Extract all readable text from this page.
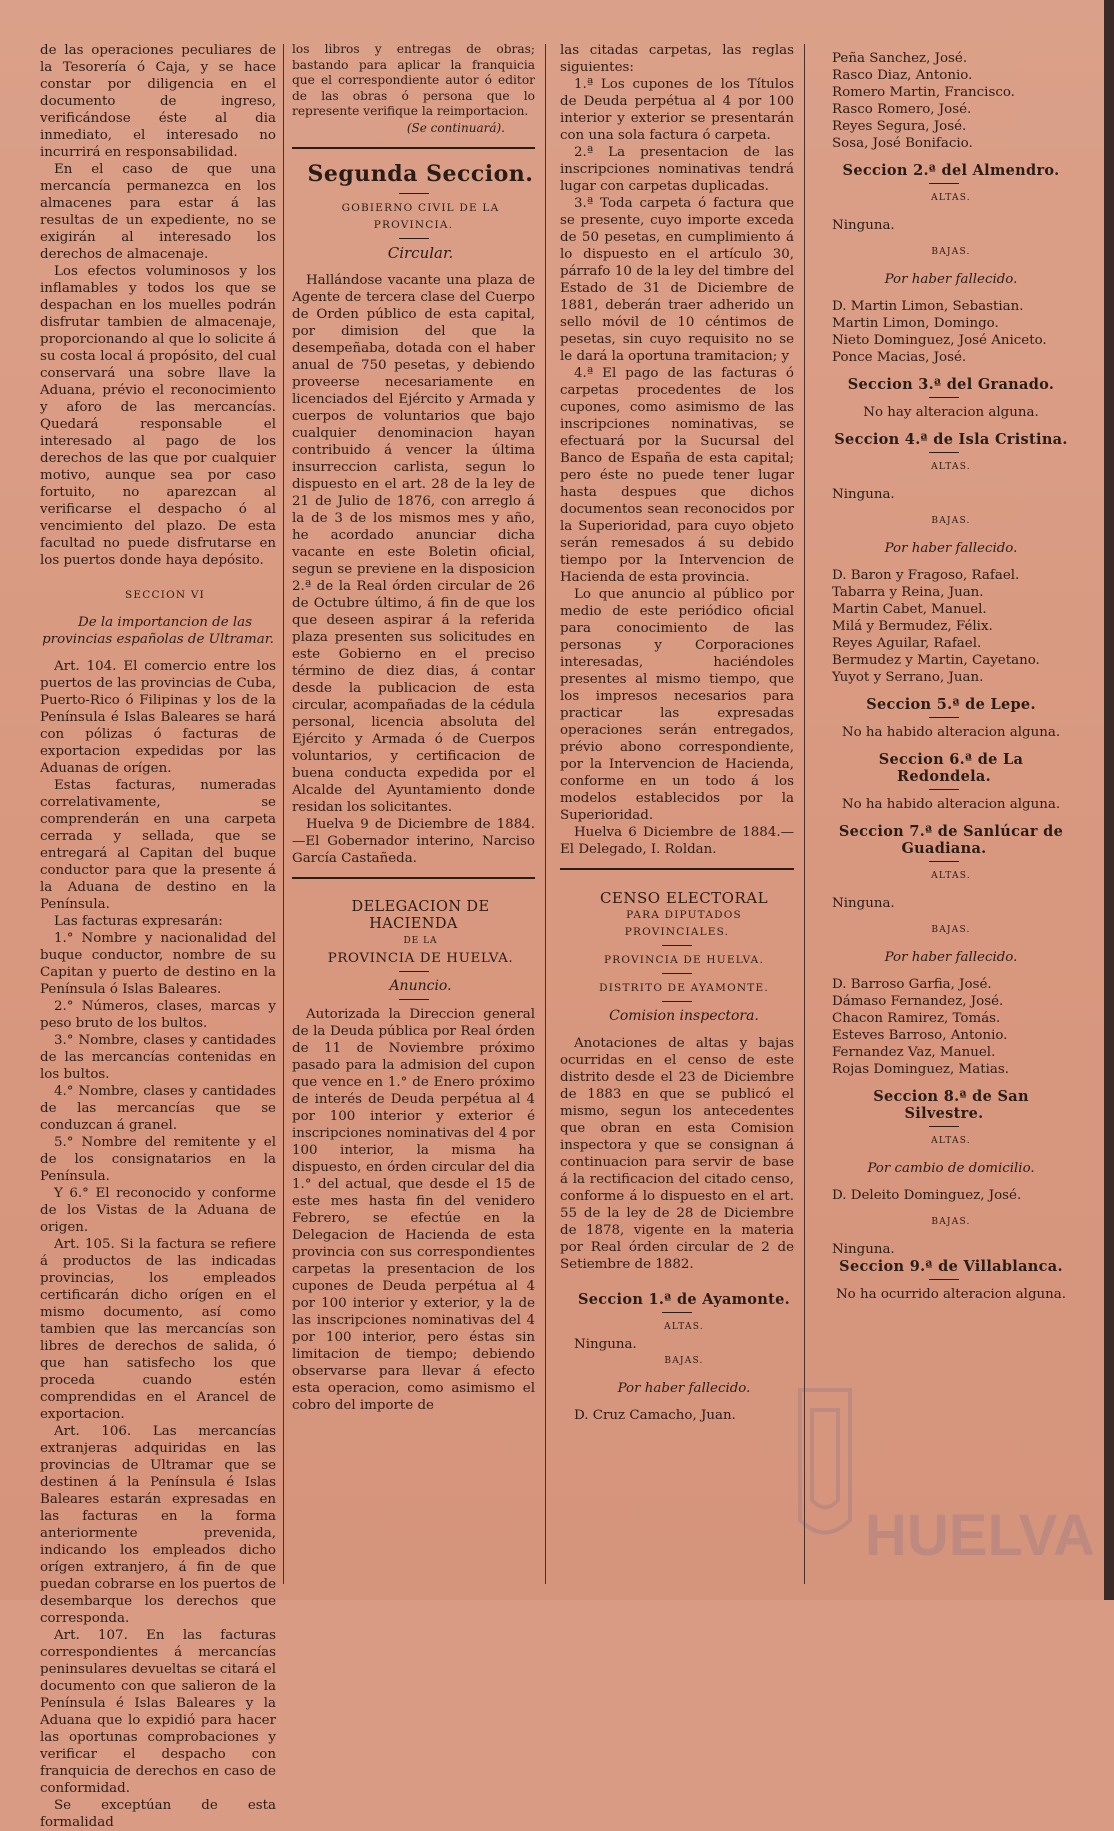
de las operaciones peculiares de la Tesorería ó Caja, y se hace constar por diligencia en el documento de ingreso, verificándose éste al dia inmediato, el interesado no incurrirá en responsabilidad.

En el caso de que una mercancía permanezca en los almacenes para estar á las resultas de un expediente, no se exigirán al interesado los derechos de almacenaje.

Los efectos voluminosos y los inflamables y todos los que se despachan en los muelles podrán disfrutar tambien de almacenaje, proporcionando al que lo solicite á su costa local á propósito, del cual conservará una sobre llave la Aduana, prévio el reconocimiento y aforo de las mercancías. Quedará responsable el interesado al pago de los derechos de las que por cualquier motivo, aunque sea por caso fortuito, no aparezcan al verificarse el despacho ó al vencimiento del plazo. De esta facultad no puede disfrutarse en los puertos donde haya depósito.

SECCION VI

De la importancion de las provincias españolas de Ultramar.

Art. 104. El comercio entre los puertos de las provincias de Cuba, Puerto-Rico ó Filipinas y los de la Península é Islas Baleares se hará con pólizas ó facturas de exportacion expedidas por las Aduanas de orígen.

Estas facturas, numeradas correlativamente, se comprenderán en una carpeta cerrada y sellada, que se entregará al Capitan del buque conductor para que la presente á la Aduana de destino en la Península.

Las facturas expresarán:

1.° Nombre y nacionalidad del buque conductor, nombre de su Capitan y puerto de destino en la Península ó Islas Baleares.

2.° Números, clases, marcas y peso bruto de los bultos.

3.° Nombre, clases y cantidades de las mercancías contenidas en los bultos.

4.° Nombre, clases y cantidades de las mercancías que se conduzcan á granel.

5.° Nombre del remitente y el de los consignatarios en la Península.

Y 6.° El reconocido y conforme de los Vistas de la Aduana de origen.

Art. 105. Si la factura se refiere á productos de las indicadas provincias, los empleados certificarán dicho orígen en el mismo documento, así como tambien que las mercancías son libres de derechos de salida, ó que han satisfecho los que proceda cuando estén comprendidas en el Arancel de exportacion.

Art. 106. Las mercancías extranjeras adquiridas en las provincias de Ultramar que se destinen á la Península é Islas Baleares estarán expresadas en las facturas en la forma anteriormente prevenida, indicando los empleados dicho orígen extranjero, á fin de que puedan cobrarse en los puertos de desembarque los derechos que corresponda.

Art. 107. En las facturas correspondientes á mercancías peninsulares devueltas se citará el documento con que salieron de la Península é Islas Baleares y la Aduana que lo expidió para hacer las oportunas comprobaciones y verificar el despacho con franquicia de derechos en caso de conformidad.

Se exceptúan de esta formalidad

los libros y entregas de obras; bastando para aplicar la franquicia que el correspondiente autor ó editor de las obras ó persona que lo represente verifique la reimportacion.

(Se continuará).

Segunda Seccion.

GOBIERNO CIVIL DE LA PROVINCIA.

Circular.

Hallándose vacante una plaza de Agente de tercera clase del Cuerpo de Orden público de esta capital, por dimision del que la desempeñaba, dotada con el haber anual de 750 pesetas, y debiendo proveerse necesariamente en licenciados del Ejército y Armada y cuerpos de voluntarios que bajo cualquier denominacion hayan contribuido á vencer la última insurreccion carlista, segun lo dispuesto en el art. 28 de la ley de 21 de Julio de 1876, con arreglo á la de 3 de los mismos mes y año, he acordado anunciar dicha vacante en este Boletin oficial, segun se previene en la disposicion 2.ª de la Real órden circular de 26 de Octubre último, á fin de que los que deseen aspirar á la referida plaza presenten sus solicitudes en este Gobierno en el preciso término de diez dias, á contar desde la publicacion de esta circular, acompañadas de la cédula personal, licencia absoluta del Ejército y Armada ó de Cuerpos voluntarios, y certificacion de buena conducta expedida por el Alcalde del Ayuntamiento donde residan los solicitantes.

Huelva 9 de Diciembre de 1884.—El Gobernador interino, Narciso García Castañeda.

DELEGACION DE HACIENDA

DE LA

PROVINCIA DE HUELVA.

Anuncio.

Autorizada la Direccion general de la Deuda pública por Real órden de 11 de Noviembre próximo pasado para la admision del cupon que vence en 1.° de Enero próximo de interés de Deuda perpétua al 4 por 100 interior y exterior é inscripciones nominativas del 4 por 100 interior, la misma ha dispuesto, en órden circular del dia 1.° del actual, que desde el 15 de este mes hasta fin del venidero Febrero, se efectúe en la Delegacion de Hacienda de esta provincia con sus correspondientes carpetas la presentacion de los cupones de Deuda perpétua al 4 por 100 interior y exterior, y la de las inscripciones nominativas del 4 por 100 interior, pero éstas sin limitacion de tiempo; debiendo observarse para llevar á efecto esta operacion, como asimismo el cobro del importe de

las citadas carpetas, las reglas siguientes:

1.ª Los cupones de los Títulos de Deuda perpétua al 4 por 100 interior y exterior se presentarán con una sola factura ó carpeta.

2.ª La presentacion de las inscripciones nominativas tendrá lugar con carpetas duplicadas.

3.ª Toda carpeta ó factura que se presente, cuyo importe exceda de 50 pesetas, en cumplimiento á lo dispuesto en el artículo 30, párrafo 10 de la ley del timbre del Estado de 31 de Diciembre de 1881, deberán traer adherido un sello móvil de 10 céntimos de pesetas, sin cuyo requisito no se le dará la oportuna tramitacion; y

4.ª El pago de las facturas ó carpetas procedentes de los cupones, como asimismo de las inscripciones nominativas, se efectuará por la Sucursal del Banco de España de esta capital; pero éste no puede tener lugar hasta despues que dichos documentos sean reconocidos por la Superioridad, para cuyo objeto serán remesados á su debido tiempo por la Intervencion de Hacienda de esta provincia.

Lo que anuncio al público por medio de este periódico oficial para conocimiento de las personas y Corporaciones interesadas, haciéndoles presentes al mismo tiempo, que los impresos necesarios para practicar las expresadas operaciones serán entregados, prévio abono correspondiente, por la Intervencion de Hacienda, conforme en un todo á los modelos establecidos por la Superioridad.

Huelva 6 Diciembre de 1884.—El Delegado, I. Roldan.

CENSO ELECTORAL

PARA DIPUTADOS PROVINCIALES.

PROVINCIA DE HUELVA.

DISTRITO DE AYAMONTE.

Comision inspectora.

Anotaciones de altas y bajas ocurridas en el censo de este distrito desde el 23 de Diciembre de 1883 en que se publicó el mismo, segun los antecedentes que obran en esta Comision inspectora y que se consignan á continuacion para servir de base á la rectificacion del citado censo, conforme á lo dispuesto en el art. 55 de la ley de 28 de Diciembre de 1878, vigente en la materia por Real órden circular de 2 de Setiembre de 1882.

Seccion 1.ª de Ayamonte.

ALTAS.

Ninguna.

BAJAS.

Por haber fallecido.

D. Cruz Camacho, Juan.

Peña Sanchez, José.

Rasco Diaz, Antonio.

Romero Martin, Francisco.

Rasco Romero, José.

Reyes Segura, José.

Sosa, José Bonifacio.

Seccion 2.ª del Almendro.

ALTAS.

Ninguna.

BAJAS.

Por haber fallecido.

D. Martin Limon, Sebastian.

Martin Limon, Domingo.

Nieto Dominguez, José Aniceto.

Ponce Macias, José.

Seccion 3.ª del Granado.

No hay alteracion alguna.

Seccion 4.ª de Isla Cristina.

ALTAS.

Ninguna.

BAJAS.

Por haber fallecido.

D. Baron y Fragoso, Rafael.

Tabarra y Reina, Juan.

Martin Cabet, Manuel.

Milá y Bermudez, Félix.

Reyes Aguilar, Rafael.

Bermudez y Martin, Cayetano.

Yuyot y Serrano, Juan.

Seccion 5.ª de Lepe.

No ha habido alteracion alguna.

Seccion 6.ª de La Redondela.

No ha habido alteracion alguna.

Seccion 7.ª de Sanlúcar de Guadiana.

ALTAS.

Ninguna.

BAJAS.

Por haber fallecido.

D. Barroso Garfia, José.

Dámaso Fernandez, José.

Chacon Ramirez, Tomás.

Esteves Barroso, Antonio.

Fernandez Vaz, Manuel.

Rojas Dominguez, Matias.

Seccion 8.ª de San Silvestre.

ALTAS.

Por cambio de domicilio.

D. Deleito Dominguez, José.

BAJAS.

Ninguna.

Seccion 9.ª de Villablanca.

No ha ocurrido alteracion alguna.

HUELVA
